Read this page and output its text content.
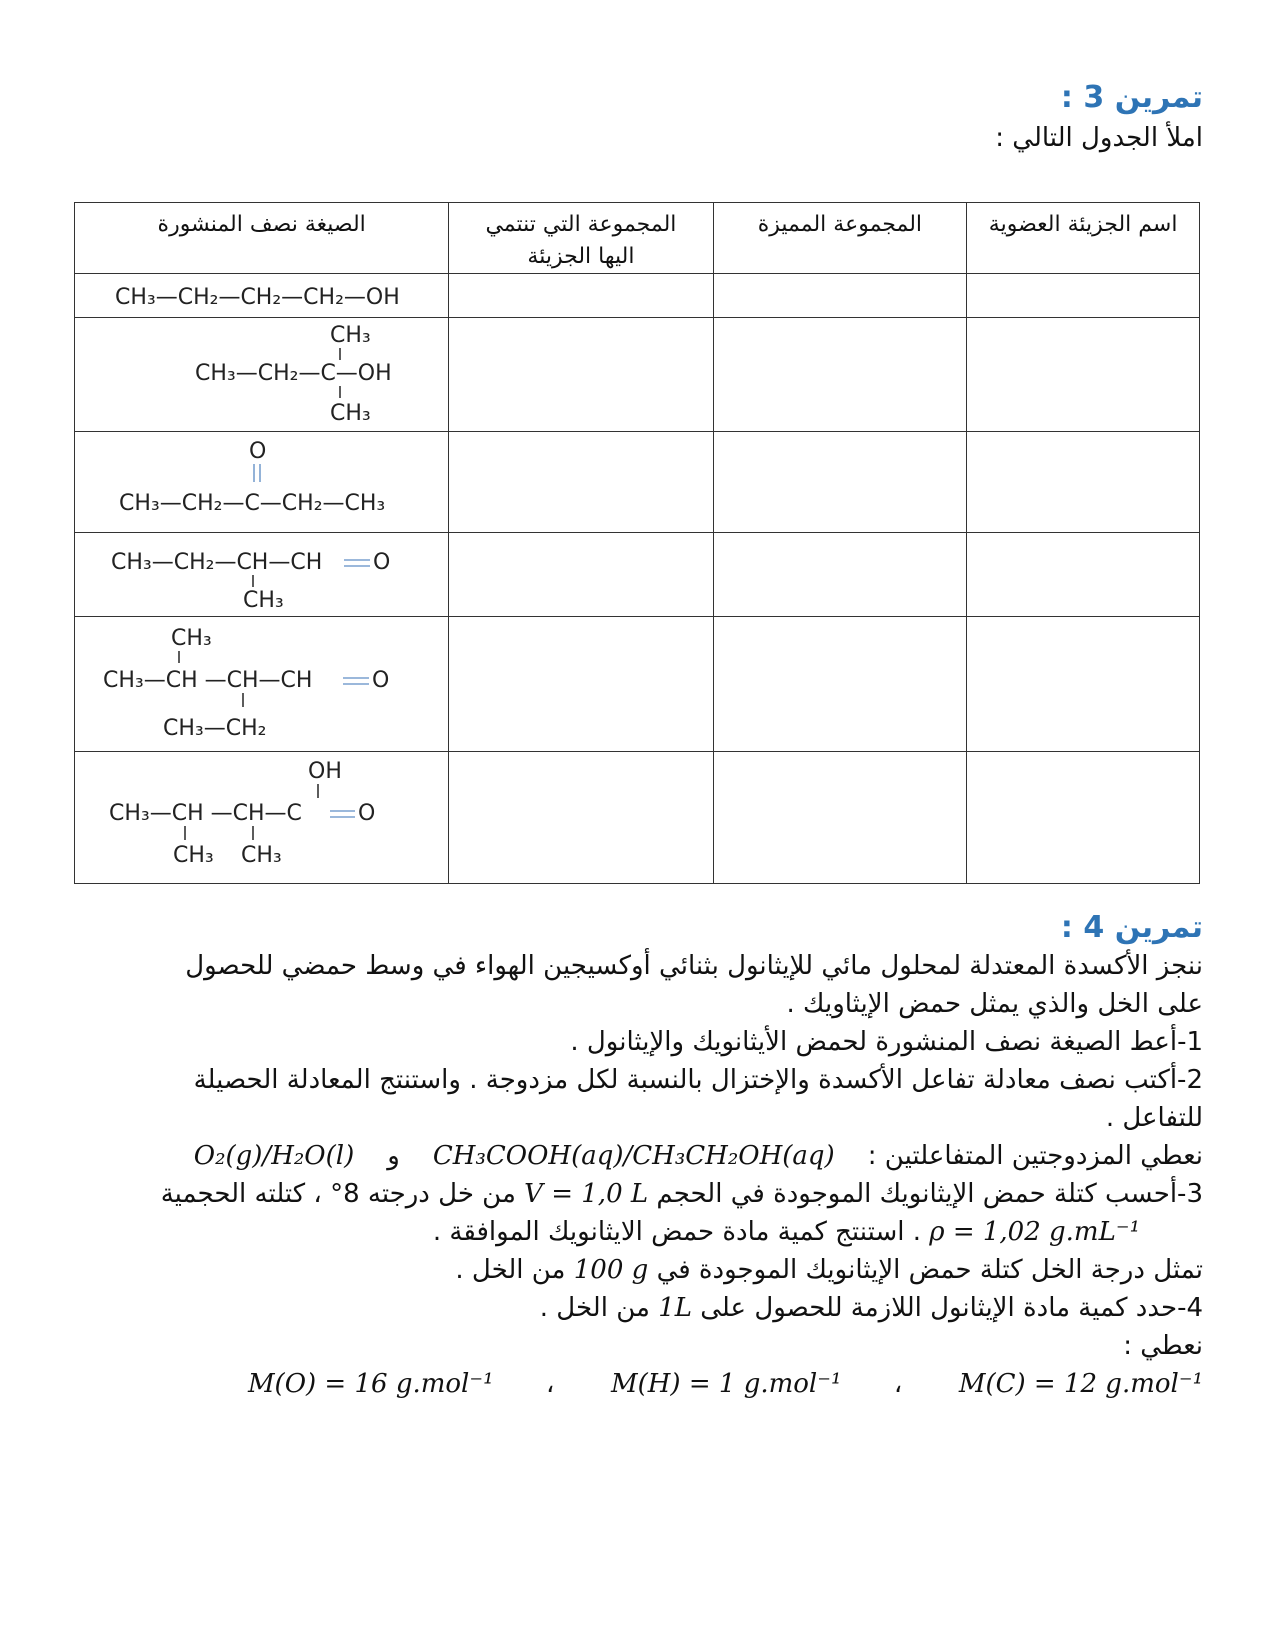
تمرين 3 :
املأ الجدول التالي :
اسم الجزيئة العضوية	المجموعة المميزة	المجموعة التي تنتمي
اليها الجزيئة	الصيغة نصف المنشورة

CH₃—CH₂—CH₂—CH₂—OH

CH₃
CH₃—CH₂—C—OH
CH₃

O
CH₃—CH₂—C—CH₂—CH₃

CH₃—CH₂—CH—CH O
CH₃

CH₃
CH₃—CH —CH—CH O
CH₃—CH₂

OH
CH₃—CH —CH—C O
CH₃ CH₃
تمرين 4 :
ننجز الأكسدة المعتدلة لمحلول مائي للإيثانول بثنائي أوكسيجين الهواء في وسط حمضي للحصول
على الخل والذي يمثل حمض الإيثاويك .
1-أعط الصيغة نصف المنشورة لحمض الأيثانويك والإيثانول .
2-أكتب نصف معادلة تفاعل الأكسدة والإختزال بالنسبة لكل مزدوجة . واستنتج المعادلة الحصيلة
للتفاعل .
نعطي المزدوجتين المتفاعلتين :    CH₃COOH(aq)/CH₃CH₂OH(aq)    و    O₂(g)/H₂O(l)
3-أحسب كتلة حمض الإيثانويك الموجودة في الحجم V = 1,0 L من خل درجته 8° ، كتلته الحجمية
ρ = 1,02 g.mL⁻¹ . استنتج كمية مادة حمض الايثانويك الموافقة .
تمثل درجة الخل كتلة حمض الإيثانويك الموجودة في 100 g من الخل .
4-حدد كمية مادة الإيثانول اللازمة للحصول على 1L من الخل .
نعطي :
M(C) = 12 g.mol⁻¹  ،  M(H) = 1 g.mol⁻¹  ،  M(O) = 16 g.mol⁻¹
